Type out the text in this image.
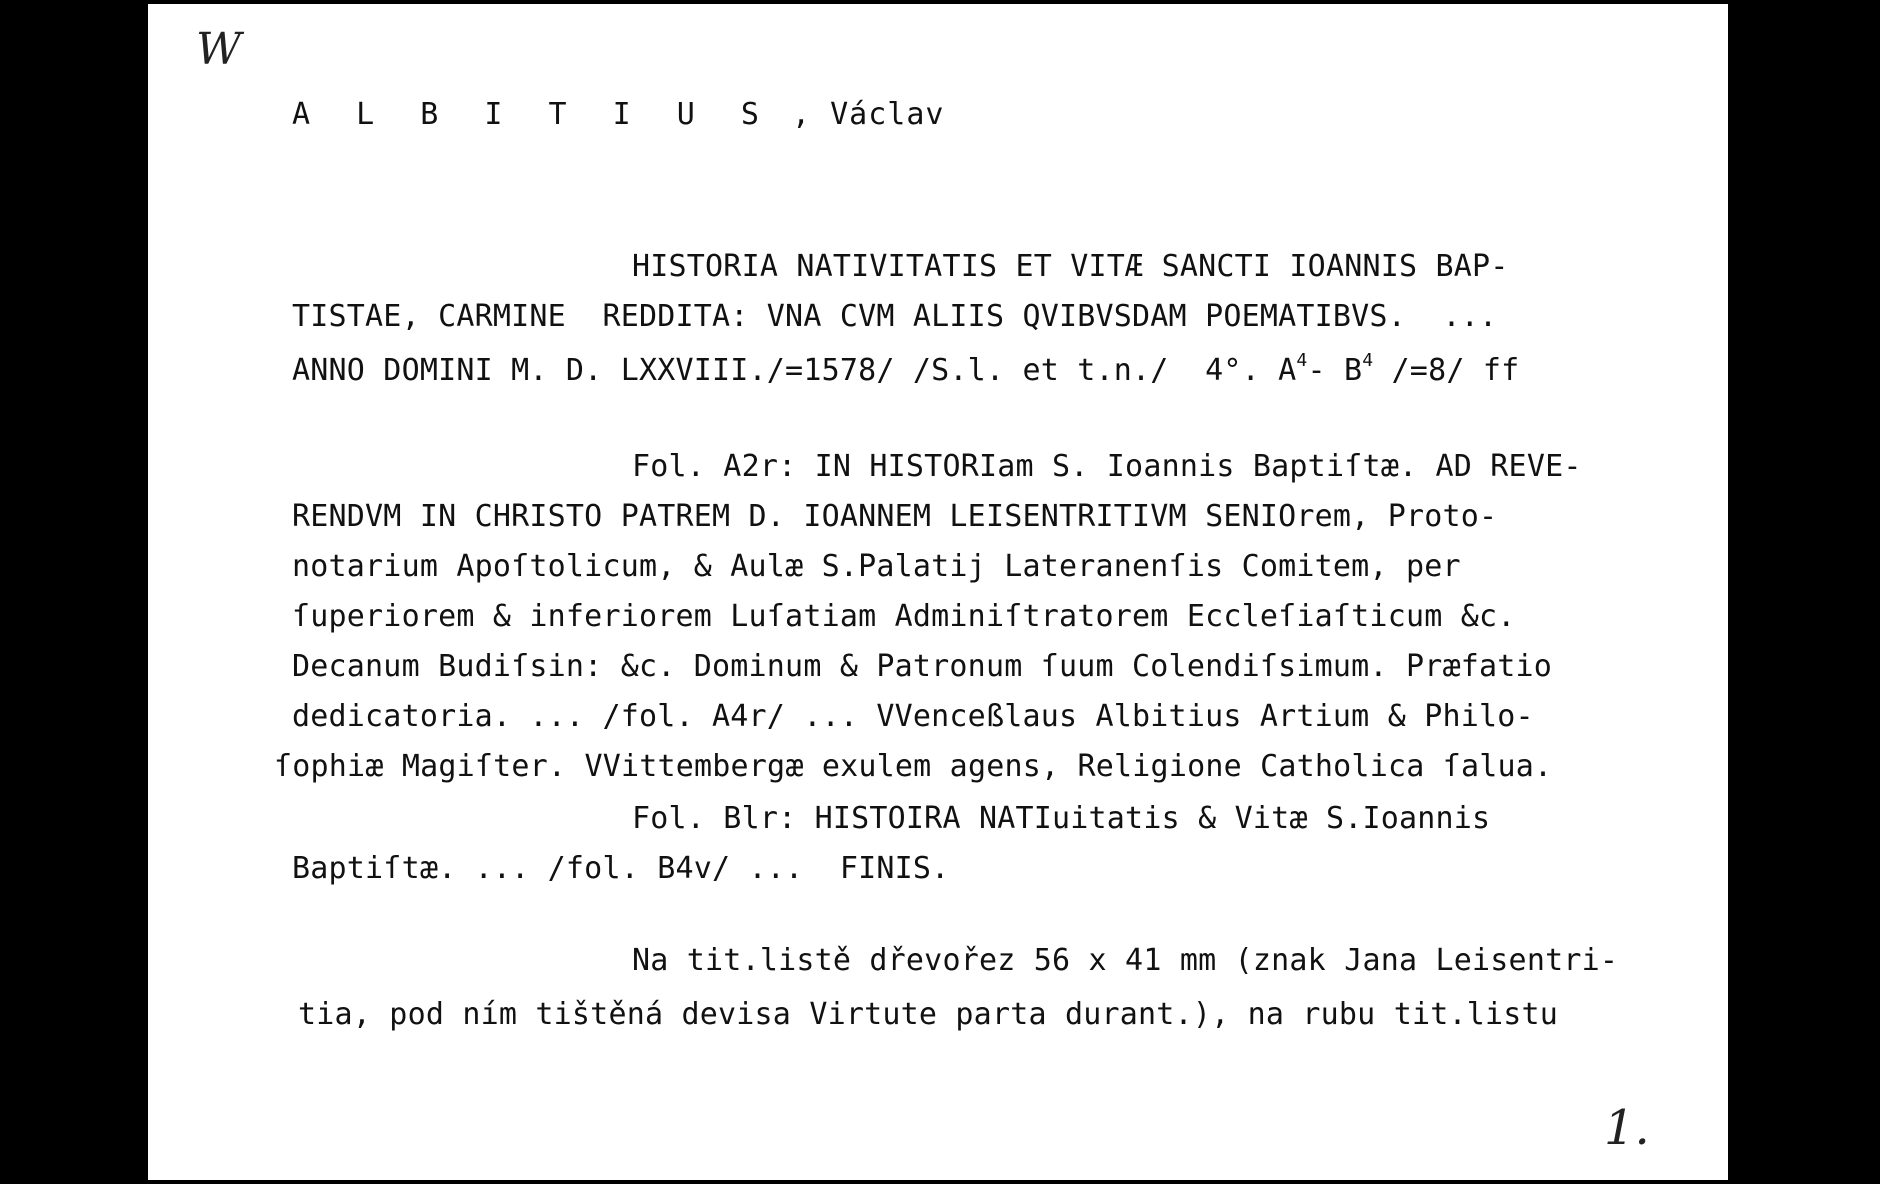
W
A L B I T I U S , Václav
HISTORIA NATIVITATIS ET VITÆ SANCTI IOANNIS BAP-
TISTAE, CARMINE  REDDITA: VNA CVM ALIIS QVIBVSDAM POEMATIBVS.  ...
ANNO DOMINI M. D. LXXVIII./=1578/ /S.l. et t.n./  4°. $A^4-$ $B^4$ /=8/ ff
Fol. A2r: IN HISTORIam S. Ioannis Baptiſtæ. AD REVE-
RENDVM IN CHRISTO PATREM D. IOANNEM LEISENTRITIVM SENIOrem, Proto-
notarium Apoſtolicum, & Aulæ S.Palatij Lateranenſis Comitem, per
ſuperiorem & inferiorem Luſatiam Adminiſtratorem Eccleſiaſticum &c.
Decanum Budiſsin: &c. Dominum & Patronum ſuum Colendiſsimum. Præfatio
dedicatoria. ... /fol. A4r/ ... VVenceßlaus Albitius Artium & Philo-
ſophiæ Magiſter. VVittembergæ exulem agens, Religione Catholica ſalua.
Fol. Blr: HISTOIRA NATIuitatis & Vitæ S.Ioannis
Baptiſtæ. ... /fol. B4v/ ...  FINIS.
Na tit.listě dřevořez 56 x 41 mm (znak Jana Leisentri-
tia, pod ním tištěná devisa Virtute parta durant.), na rubu tit.listu
1.
